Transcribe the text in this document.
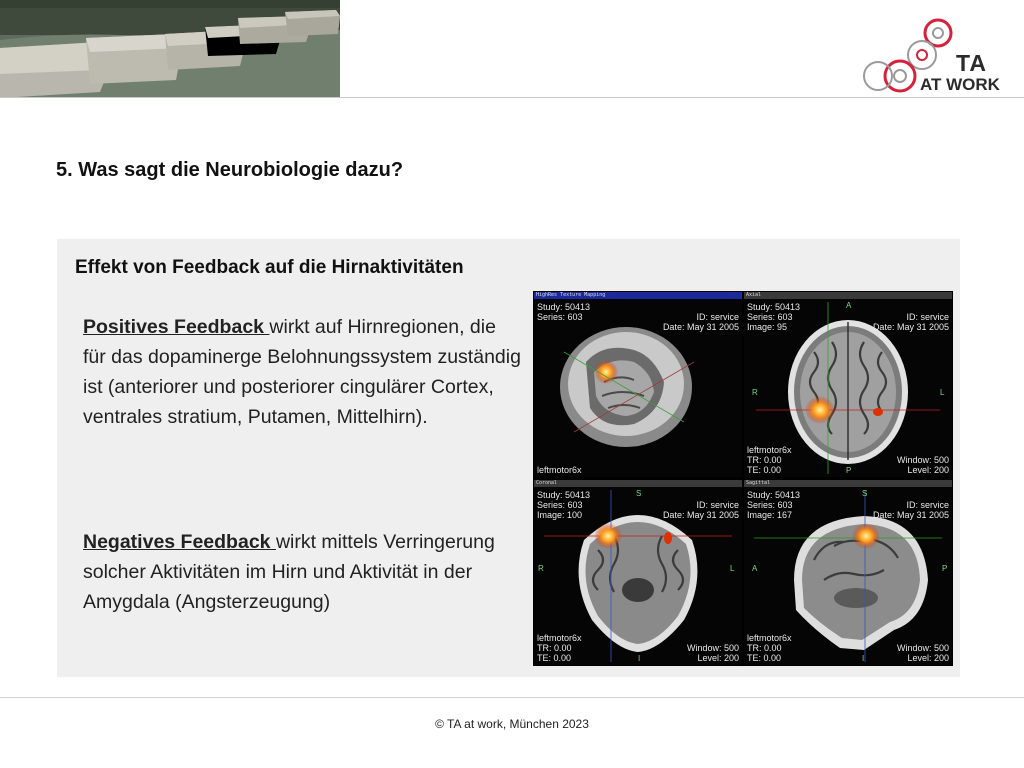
TA
AT WORK
5. Was sagt die Neurobiologie dazu?
Effekt von Feedback auf die Hirnaktivitäten
Positives Feedback wirkt auf Hirnregionen, die für das dopaminerge Belohnungssystem zuständig ist (anteriorer und posteriorer cingulärer Cortex, ventrales stratium, Putamen, Mittelhirn).
Negatives Feedback wirkt mittels Verringerung solcher Aktivitäten im Hirn und Aktivität in der Amygdala (Angsterzeugung)
HighRes Texture Mapping
Study: 50413
Series: 603	ID: service
Date: May 31 2005
leftmotor6x
Axial
Study: 50413
Series: 603
Image: 95
ID: service
Date: May 31 2005
leftmotor6x
TR: 0.00
TE: 0.00
Window: 500
Level: 200
A
R	L
P
Coronal
Study: 50413
Series: 603
Image: 100
ID: service
Date: May 31 2005
leftmotor6x
TR: 0.00
TE: 0.00
Window: 500
Level: 200
S
R	L
I
Sagittal
Study: 50413
Series: 603
Image: 167
ID: service
Date: May 31 2005
leftmotor6x
TR: 0.00
TE: 0.00
Window: 500
Level: 200
S
A	P
I
© TA at work, München 2023
